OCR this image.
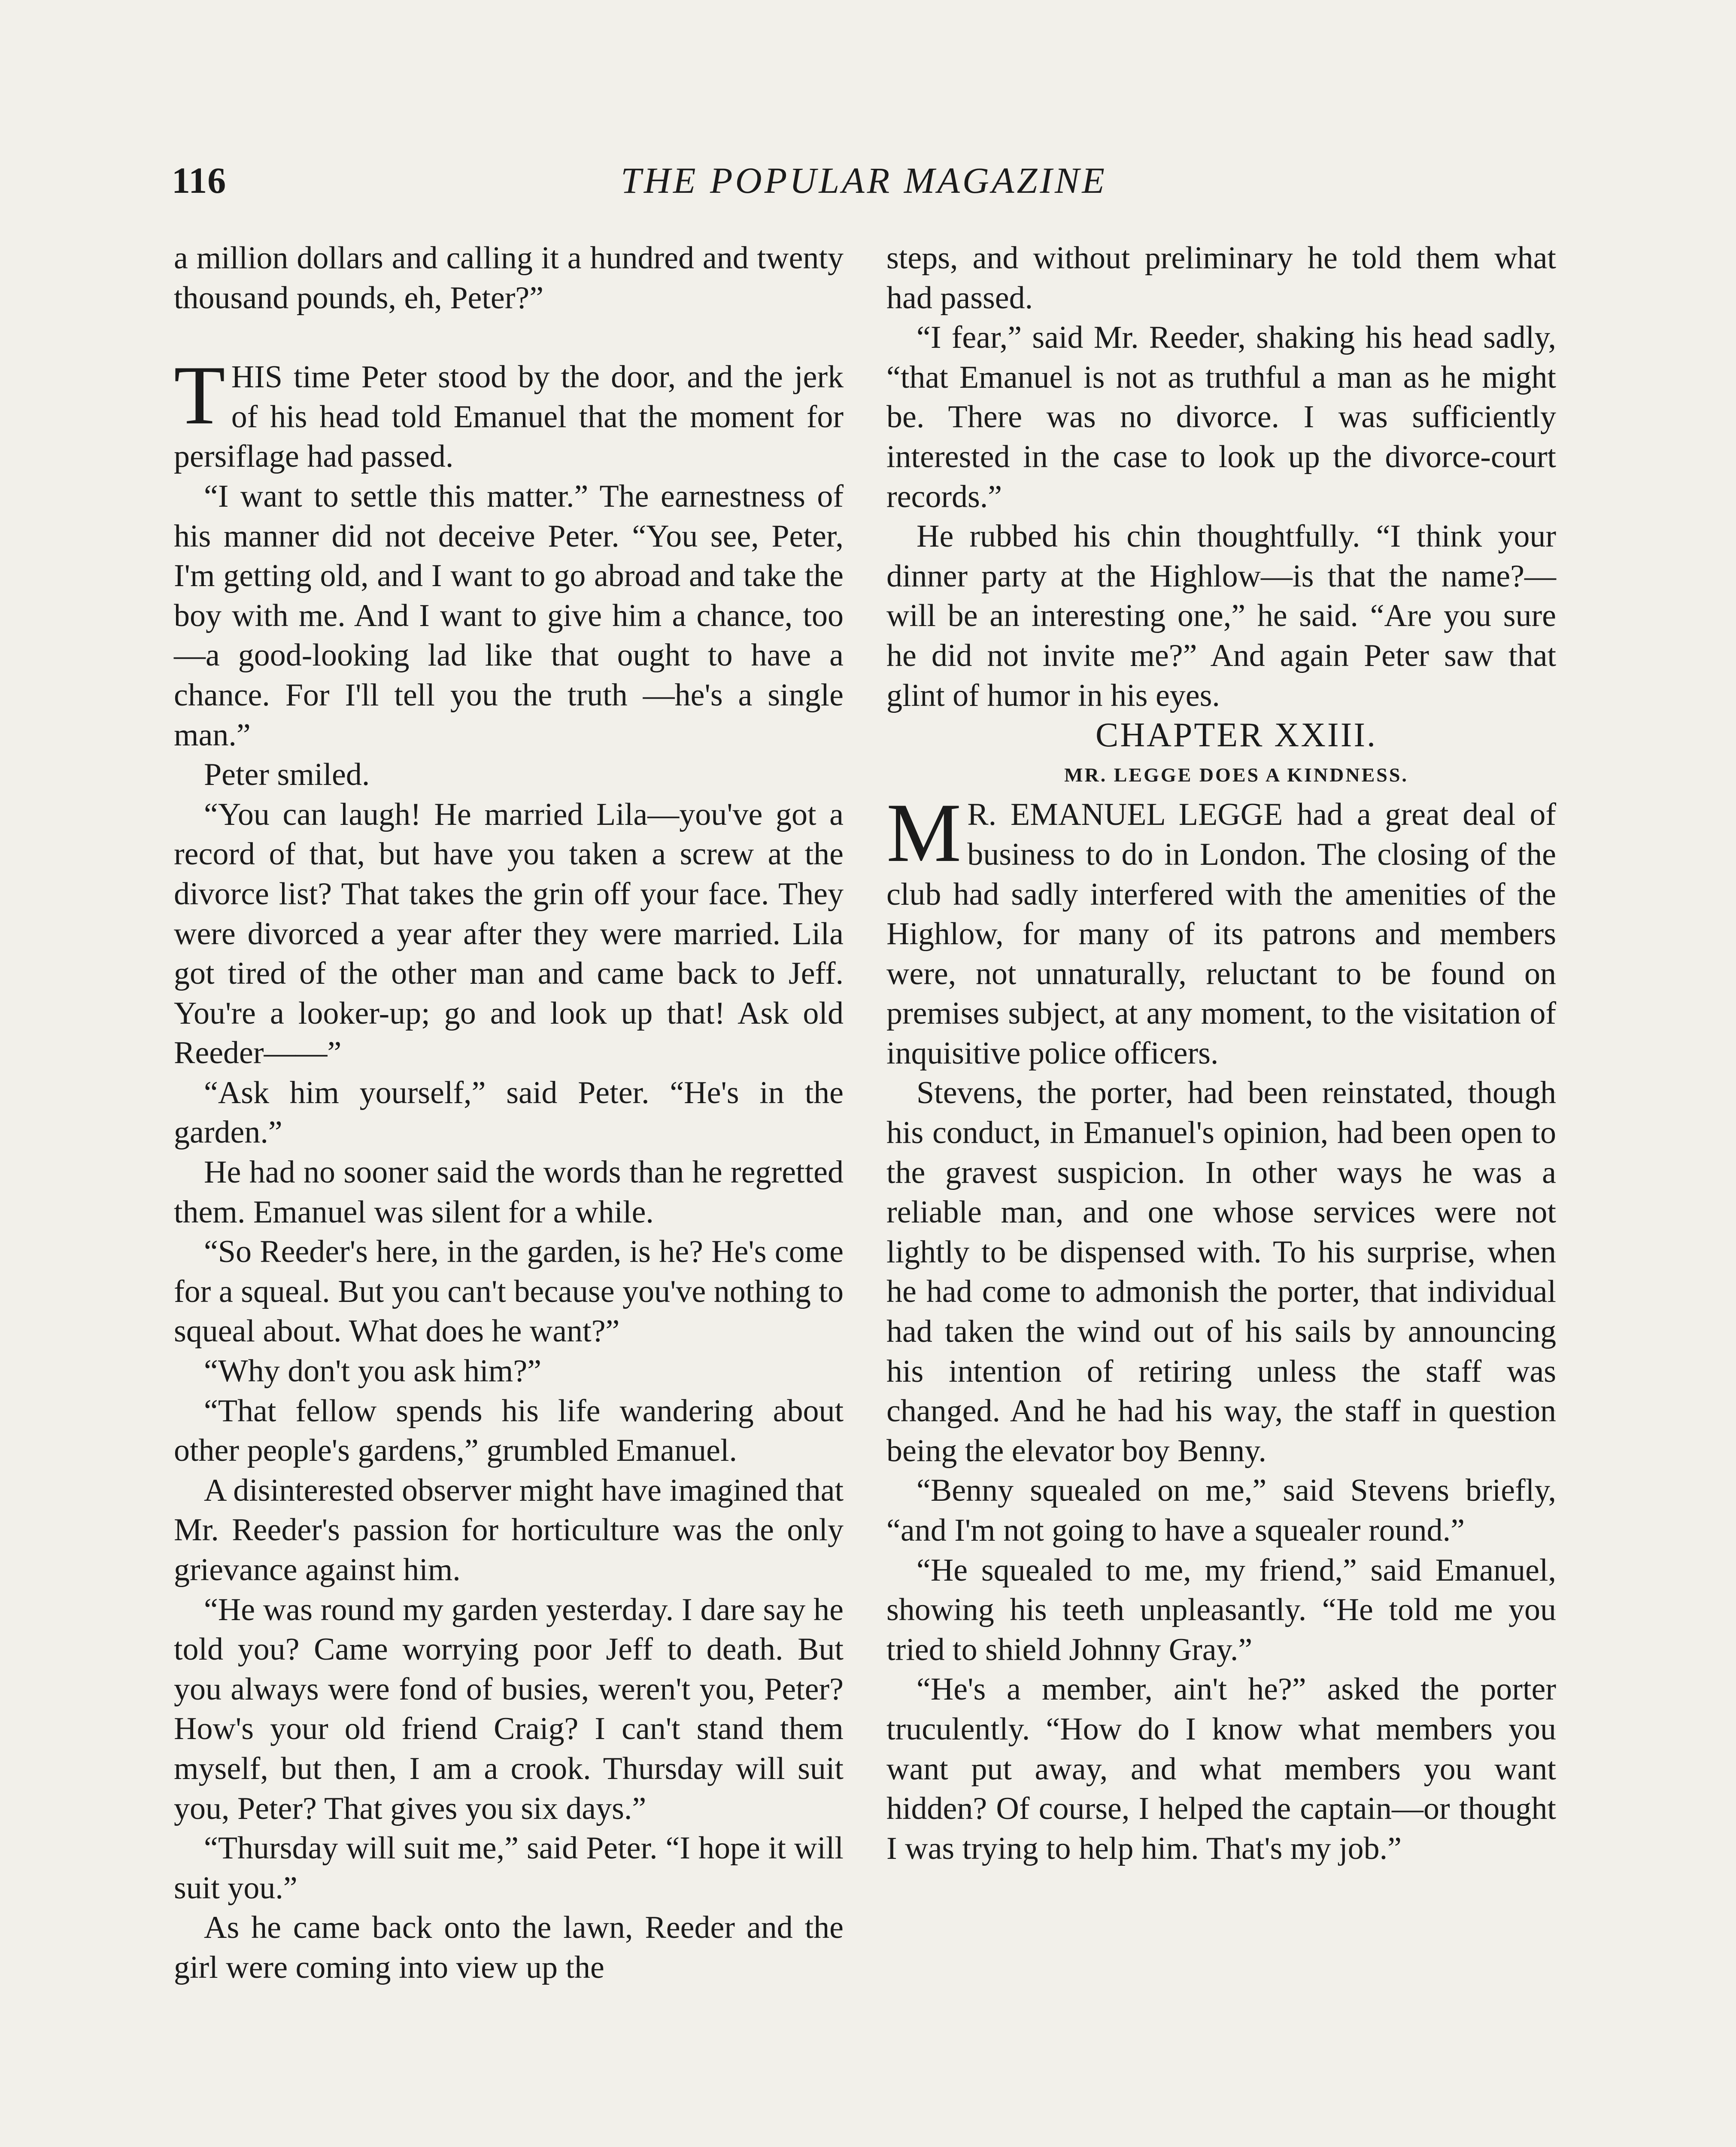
116	THE POPULAR MAGAZINE

a million dollars and calling it a hundred and twenty thousand pounds, eh, Peter?”

THIS time Peter stood by the door, and the jerk of his head told Emanuel that the moment for persiflage had passed.

“I want to settle this matter.” The earnestness of his manner did not deceive Peter. “You see, Peter, I'm getting old, and I want to go abroad and take the boy with me. And I want to give him a chance, too—a good-looking lad like that ought to have a chance. For I'll tell you the truth —he's a single man.”

Peter smiled.

“You can laugh! He married Lila—you've got a record of that, but have you taken a screw at the divorce list? That takes the grin off your face. They were divorced a year after they were married. Lila got tired of the other man and came back to Jeff. You're a looker-up; go and look up that! Ask old Reeder——”

“Ask him yourself,” said Peter. “He's in the garden.”

He had no sooner said the words than he regretted them. Emanuel was silent for a while.

“So Reeder's here, in the garden, is he? He's come for a squeal. But you can't because you've nothing to squeal about. What does he want?”

“Why don't you ask him?”

“That fellow spends his life wandering about other people's gardens,” grumbled Emanuel.

A disinterested observer might have imagined that Mr. Reeder's passion for horticulture was the only grievance against him.

“He was round my garden yesterday. I dare say he told you? Came worrying poor Jeff to death. But you always were fond of busies, weren't you, Peter? How's your old friend Craig? I can't stand them myself, but then, I am a crook. Thursday will suit you, Peter? That gives you six days.”

“Thursday will suit me,” said Peter. “I hope it will suit you.”

As he came back onto the lawn, Reeder and the girl were coming into view up the

steps, and without preliminary he told them what had passed.

“I fear,” said Mr. Reeder, shaking his head sadly, “that Emanuel is not as truthful a man as he might be. There was no divorce. I was sufficiently interested in the case to look up the divorce-court records.”

He rubbed his chin thoughtfully. “I think your dinner party at the Highlow—is that the name?—will be an interesting one,” he said. “Are you sure he did not invite me?” And again Peter saw that glint of humor in his eyes.

CHAPTER XXIII.

MR. LEGGE DOES A KINDNESS.

M R. EMANUEL LEGGE had a great deal of business to do in London. The closing of the club had sadly interfered with the amenities of the Highlow, for many of its patrons and members were, not unnaturally, reluctant to be found on premises subject, at any moment, to the visitation of inquisitive police officers.

Stevens, the porter, had been reinstated, though his conduct, in Emanuel's opinion, had been open to the gravest suspicion. In other ways he was a reliable man, and one whose services were not lightly to be dispensed with. To his surprise, when he had come to admonish the porter, that individual had taken the wind out of his sails by announcing his intention of retiring unless the staff was changed. And he had his way, the staff in question being the elevator boy Benny.

“Benny squealed on me,” said Stevens briefly, “and I'm not going to have a squealer round.”

“He squealed to me, my friend,” said Emanuel, showing his teeth unpleasantly. “He told me you tried to shield Johnny Gray.”

“He's a member, ain't he?” asked the porter truculently. “How do I know what members you want put away, and what members you want hidden? Of course, I helped the captain—or thought I was trying to help him. That's my job.”
